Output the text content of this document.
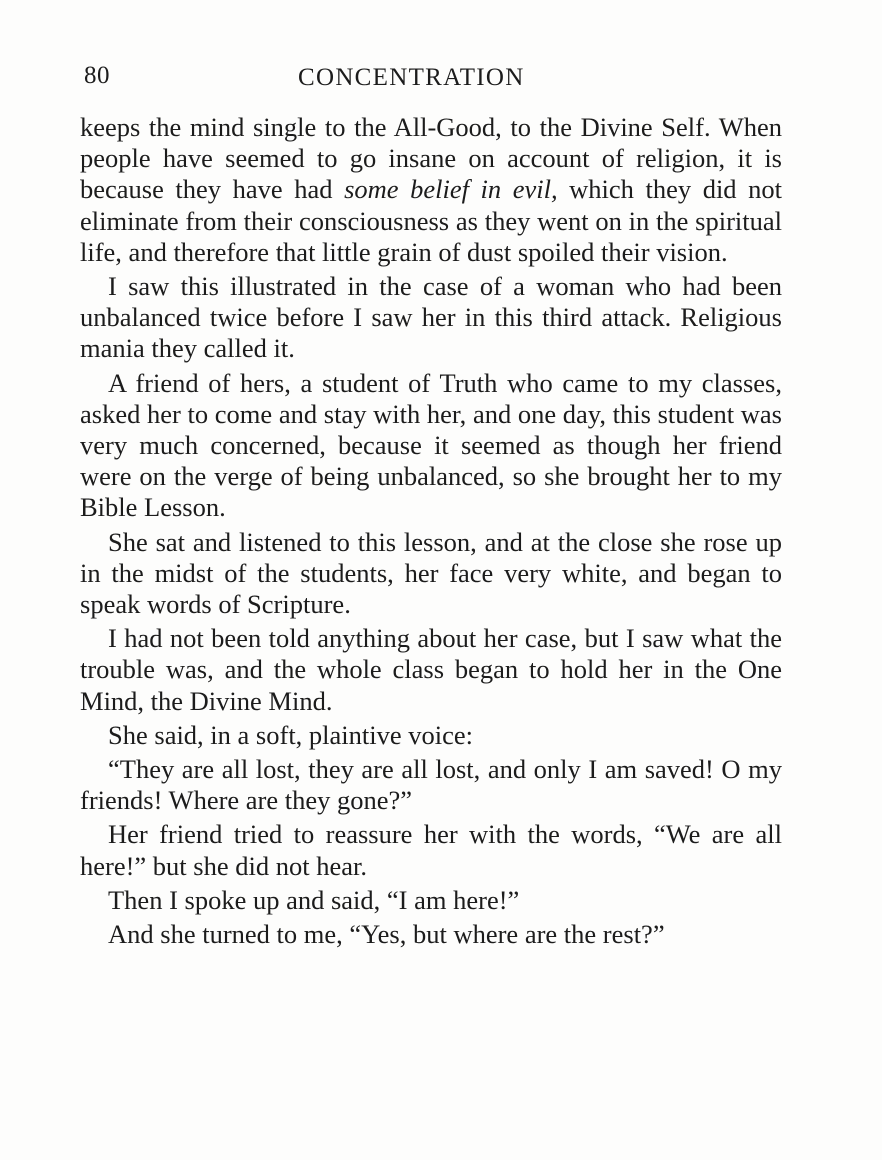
80	CONCENTRATION

keeps the mind single to the All-Good, to the Divine Self. When people have seemed to go insane on account of religion, it is because they have had some belief in evil, which they did not eliminate from their consciousness as they went on in the spiritual life, and therefore that little grain of dust spoiled their vision.

I saw this illustrated in the case of a woman who had been unbalanced twice before I saw her in this third attack. Religious mania they called it.

A friend of hers, a student of Truth who came to my classes, asked her to come and stay with her, and one day, this student was very much concerned, because it seemed as though her friend were on the verge of being unbalanced, so she brought her to my Bible Lesson.

She sat and listened to this lesson, and at the close she rose up in the midst of the students, her face very white, and began to speak words of Scripture.

I had not been told anything about her case, but I saw what the trouble was, and the whole class began to hold her in the One Mind, the Divine Mind.

She said, in a soft, plaintive voice:

“They are all lost, they are all lost, and only I am saved! O my friends! Where are they gone?”

Her friend tried to reassure her with the words, “We are all here!” but she did not hear.

Then I spoke up and said, “I am here!”

And she turned to me, “Yes, but where are the rest?”
